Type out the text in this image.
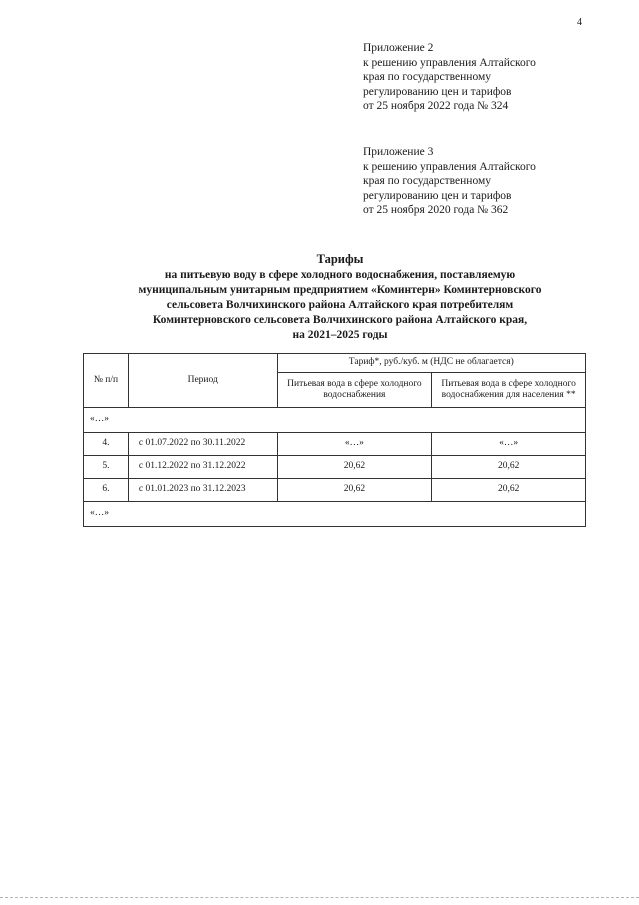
4
Приложение 2
к решению управления Алтайского
края по государственному
регулированию цен и тарифов
от 25 ноября 2022 года № 324
Приложение 3
к решению управления Алтайского
края по государственному
регулированию цен и тарифов
от 25 ноября 2020 года № 362
Тарифы
на питьевую воду в сфере холодного водоснабжения, поставляемую
муниципальным унитарным предприятием «Коминтерн» Коминтерновского
сельсовета Волчихинского района Алтайского края потребителям
Коминтерновского сельсовета Волчихинского района Алтайского края,
на 2021–2025 годы
№ п/п	Период	Тариф*, руб./куб. м (НДС не облагается)	
		Питьевая вода в сфере холодного водоснабжения	Питьевая вода в сфере холодного водоснабжения для населения **
«…»			
4.	с 01.07.2022 по 30.11.2022	«…»	«…»
5.	с 01.12.2022 по 31.12.2022	20,62	20,62
6.	с 01.01.2023 по 31.12.2023	20,62	20,62
«…»			
